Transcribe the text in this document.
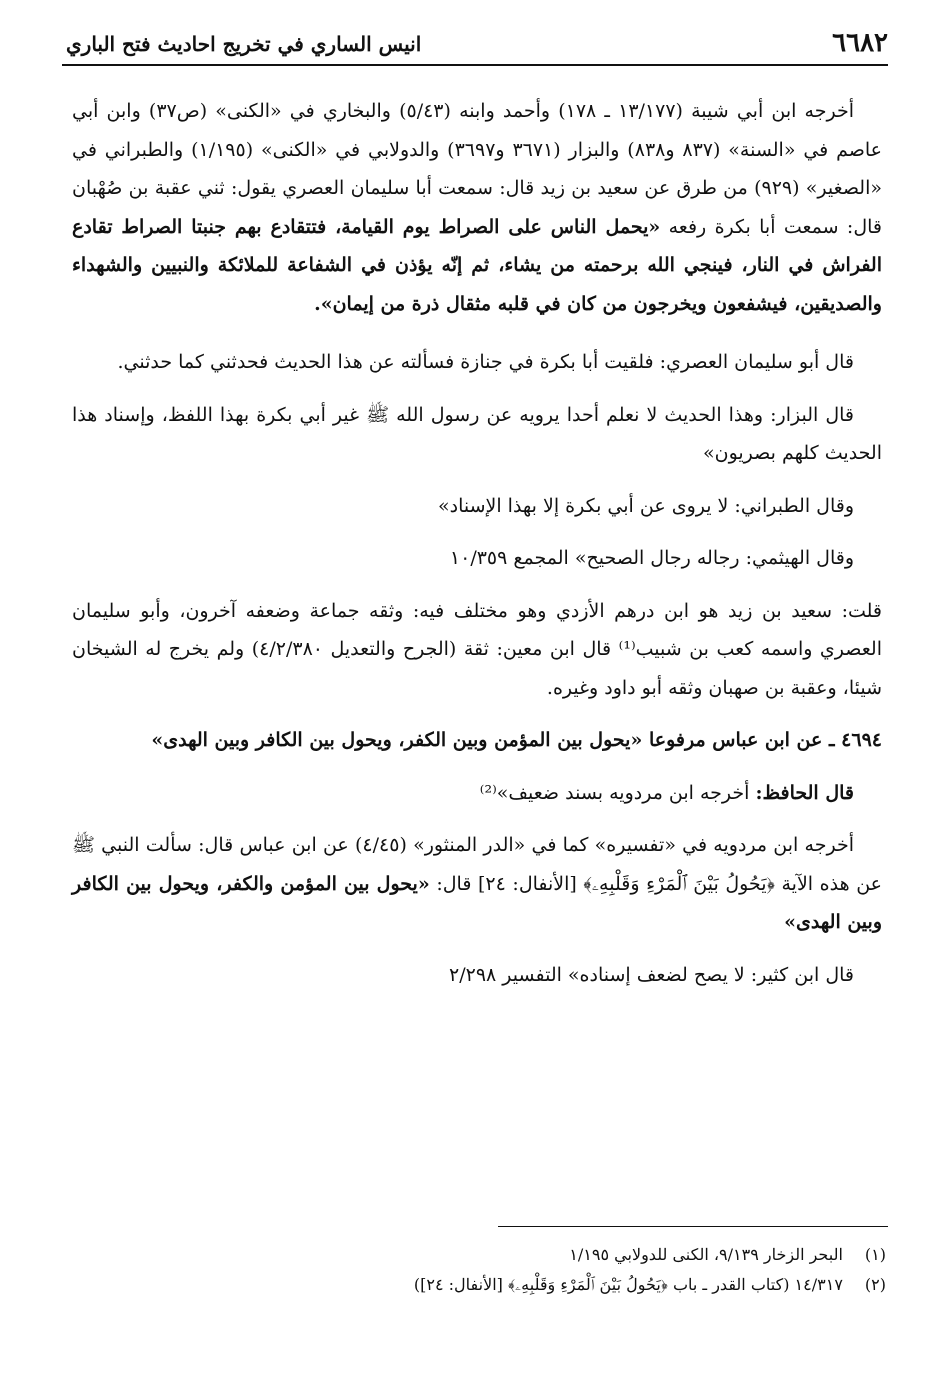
٦٦٨٢
انيس الساري في تخريج احاديث فتح الباري

أخرجه ابن أبي شيبة (١٣/١٧٧ ـ ١٧٨) وأحمد وابنه (٥/٤٣) والبخاري في «الكنى» (ص٣٧) وابن أبي عاصم في «السنة» (٨٣٧ و٨٣٨) والبزار (٣٦٧١ و٣٦٩٧) والدولابي في «الكنى» (١/١٩٥) والطبراني في «الصغير» (٩٢٩) من طرق عن سعيد بن زيد قال: سمعت أبا سليمان العصري يقول: ثني عقبة بن صُهْبان قال: سمعت أبا بكرة رفعه «يحمل الناس على الصراط يوم القيامة، فتتقادع بهم جنبتا الصراط تقادع الفراش في النار، فينجي الله برحمته من يشاء، ثم إنّه يؤذن في الشفاعة للملائكة والنبيين والشهداء والصديقين، فيشفعون ويخرجون من كان في قلبه مثقال ذرة من إيمان».

قال أبو سليمان العصري: فلقيت أبا بكرة في جنازة فسألته عن هذا الحديث فحدثني كما حدثني.

قال البزار: وهذا الحديث لا نعلم أحدا يرويه عن رسول الله ﷺ غير أبي بكرة بهذا اللفظ، وإسناد هذا الحديث كلهم بصريون»

وقال الطبراني: لا يروى عن أبي بكرة إلا بهذا الإسناد»

وقال الهيثمي: رجاله رجال الصحيح» المجمع ١٠/٣٥٩

قلت: سعيد بن زيد هو ابن درهم الأزدي وهو مختلف فيه: وثقه جماعة وضعفه آخرون، وأبو سليمان العصري واسمه كعب بن شبيب⁽¹⁾ قال ابن معين: ثقة (الجرح والتعديل ٤/٢/٣٨٠) ولم يخرج له الشيخان شيئا، وعقبة بن صهبان وثقه أبو داود وغيره.

٤٦٩٤ ـ عن ابن عباس مرفوعا «يحول بين المؤمن وبين الكفر، ويحول بين الكافر وبين الهدى»

قال الحافظ: أخرجه ابن مردويه بسند ضعيف»⁽²⁾

أخرجه ابن مردويه في «تفسيره» كما في «الدر المنثور» (٤/٤٥) عن ابن عباس قال: سألت النبي ﷺ عن هذه الآية ﴿يَحُولُ بَيْنَ ٱلْمَرْءِ وَقَلْبِهِۦ﴾ [الأنفال: ٢٤] قال: «يحول بين المؤمن والكفر، ويحول بين الكافر وبين الهدى»

قال ابن كثير: لا يصح لضعف إسناده» التفسير ٢/٢٩٨

(١) البحر الزخار ٩/١٣٩، الكنى للدولابي ١/١٩٥
(٢) ١٤/٣١٧ (كتاب القدر ـ باب ﴿يَحُولُ بَيْنَ ٱلْمَرْءِ وَقَلْبِهِۦ﴾ [الأنفال: ٢٤])
